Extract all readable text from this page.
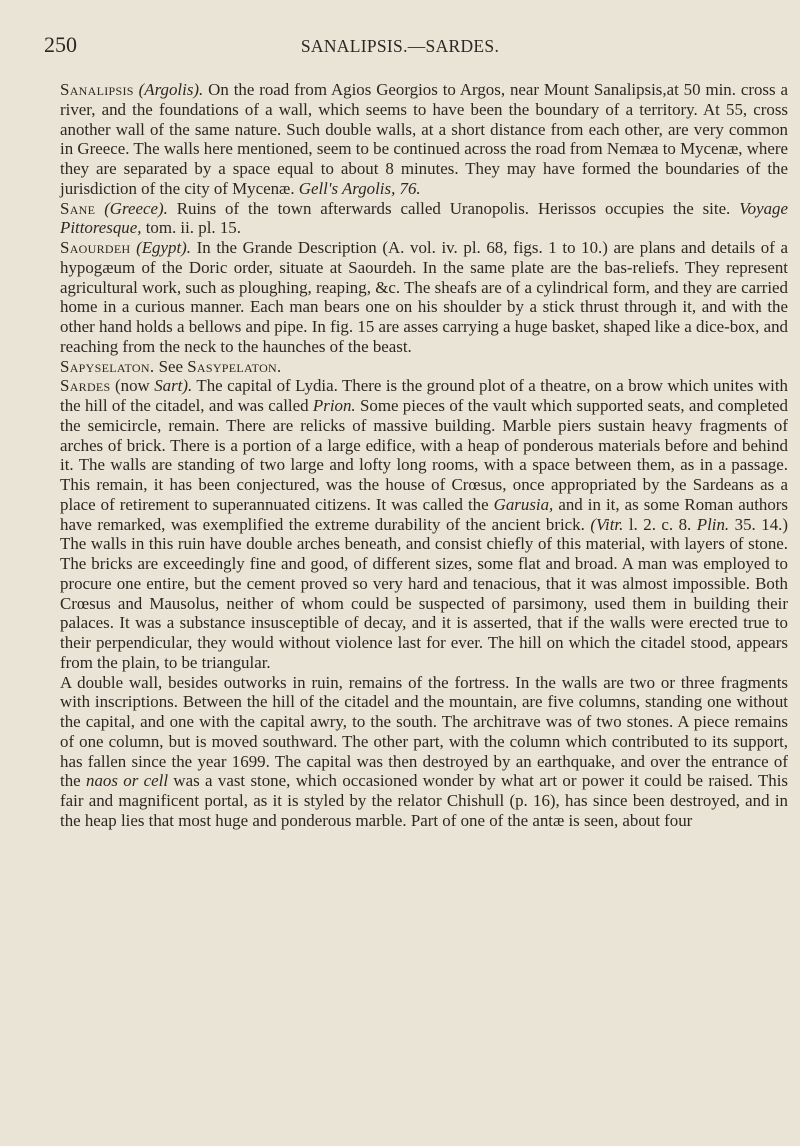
250	SANALIPSIS.—SARDES.

Sanalipsis (Argolis). On the road from Agios Georgios to Argos, near Mount Sanalipsis,at 50 min. cross a river, and the foundations of a wall, which seems to have been the boundary of a territory. At 55, cross another wall of the same nature. Such double walls, at a short distance from each other, are very common in Greece. The walls here mentioned, seem to be continued across the road from Nemæa to Mycenæ, where they are separated by a space equal to about 8 minutes. They may have formed the boundaries of the jurisdiction of the city of Mycenæ. Gell's Argolis, 76.

Sane (Greece). Ruins of the town afterwards called Uranopolis. Herissos occupies the site. Voyage Pittoresque, tom. ii. pl. 15.

Saourdeh (Egypt). In the Grande Description (A. vol. iv. pl. 68, figs. 1 to 10.) are plans and details of a hypogæum of the Doric order, situate at Saourdeh. In the same plate are the bas-reliefs. They represent agricultural work, such as ploughing, reaping, &c. The sheafs are of a cylindrical form, and they are carried home in a curious manner. Each man bears one on his shoulder by a stick thrust through it, and with the other hand holds a bellows and pipe. In fig. 15 are asses carrying a huge basket, shaped like a dice-box, and reaching from the neck to the haunches of the beast.

Sapyselaton. See Sasypelaton.

Sardes (now Sart). The capital of Lydia. There is the ground plot of a theatre, on a brow which unites with the hill of the citadel, and was called Prion. Some pieces of the vault which supported seats, and completed the semicircle, remain. There are relicks of massive building. Marble piers sustain heavy fragments of arches of brick. There is a portion of a large edifice, with a heap of ponderous materials before and behind it. The walls are standing of two large and lofty long rooms, with a space between them, as in a passage. This remain, it has been conjectured, was the house of Crœsus, once appropriated by the Sardeans as a place of retirement to superannuated citizens. It was called the Garusia, and in it, as some Roman authors have remarked, was exemplified the extreme durability of the ancient brick. (Vitr. l. 2. c. 8. Plin. 35. 14.) The walls in this ruin have double arches beneath, and consist chiefly of this material, with layers of stone. The bricks are exceedingly fine and good, of different sizes, some flat and broad. A man was employed to procure one entire, but the cement proved so very hard and tenacious, that it was almost impossible. Both Crœsus and Mausolus, neither of whom could be suspected of parsimony, used them in building their palaces. It was a substance insusceptible of decay, and it is asserted, that if the walls were erected true to their perpendicular, they would without violence last for ever. The hill on which the citadel stood, appears from the plain, to be triangular.

A double wall, besides outworks in ruin, remains of the fortress. In the walls are two or three fragments with inscriptions. Between the hill of the citadel and the mountain, are five columns, standing one without the capital, and one with the capital awry, to the south. The architrave was of two stones. A piece remains of one column, but is moved southward. The other part, with the column which contributed to its support, has fallen since the year 1699. The capital was then destroyed by an earthquake, and over the entrance of the naos or cell was a vast stone, which occasioned wonder by what art or power it could be raised. This fair and magnificent portal, as it is styled by the relator Chishull (p. 16), has since been destroyed, and in the heap lies that most huge and ponderous marble. Part of one of the antæ is seen, about four
